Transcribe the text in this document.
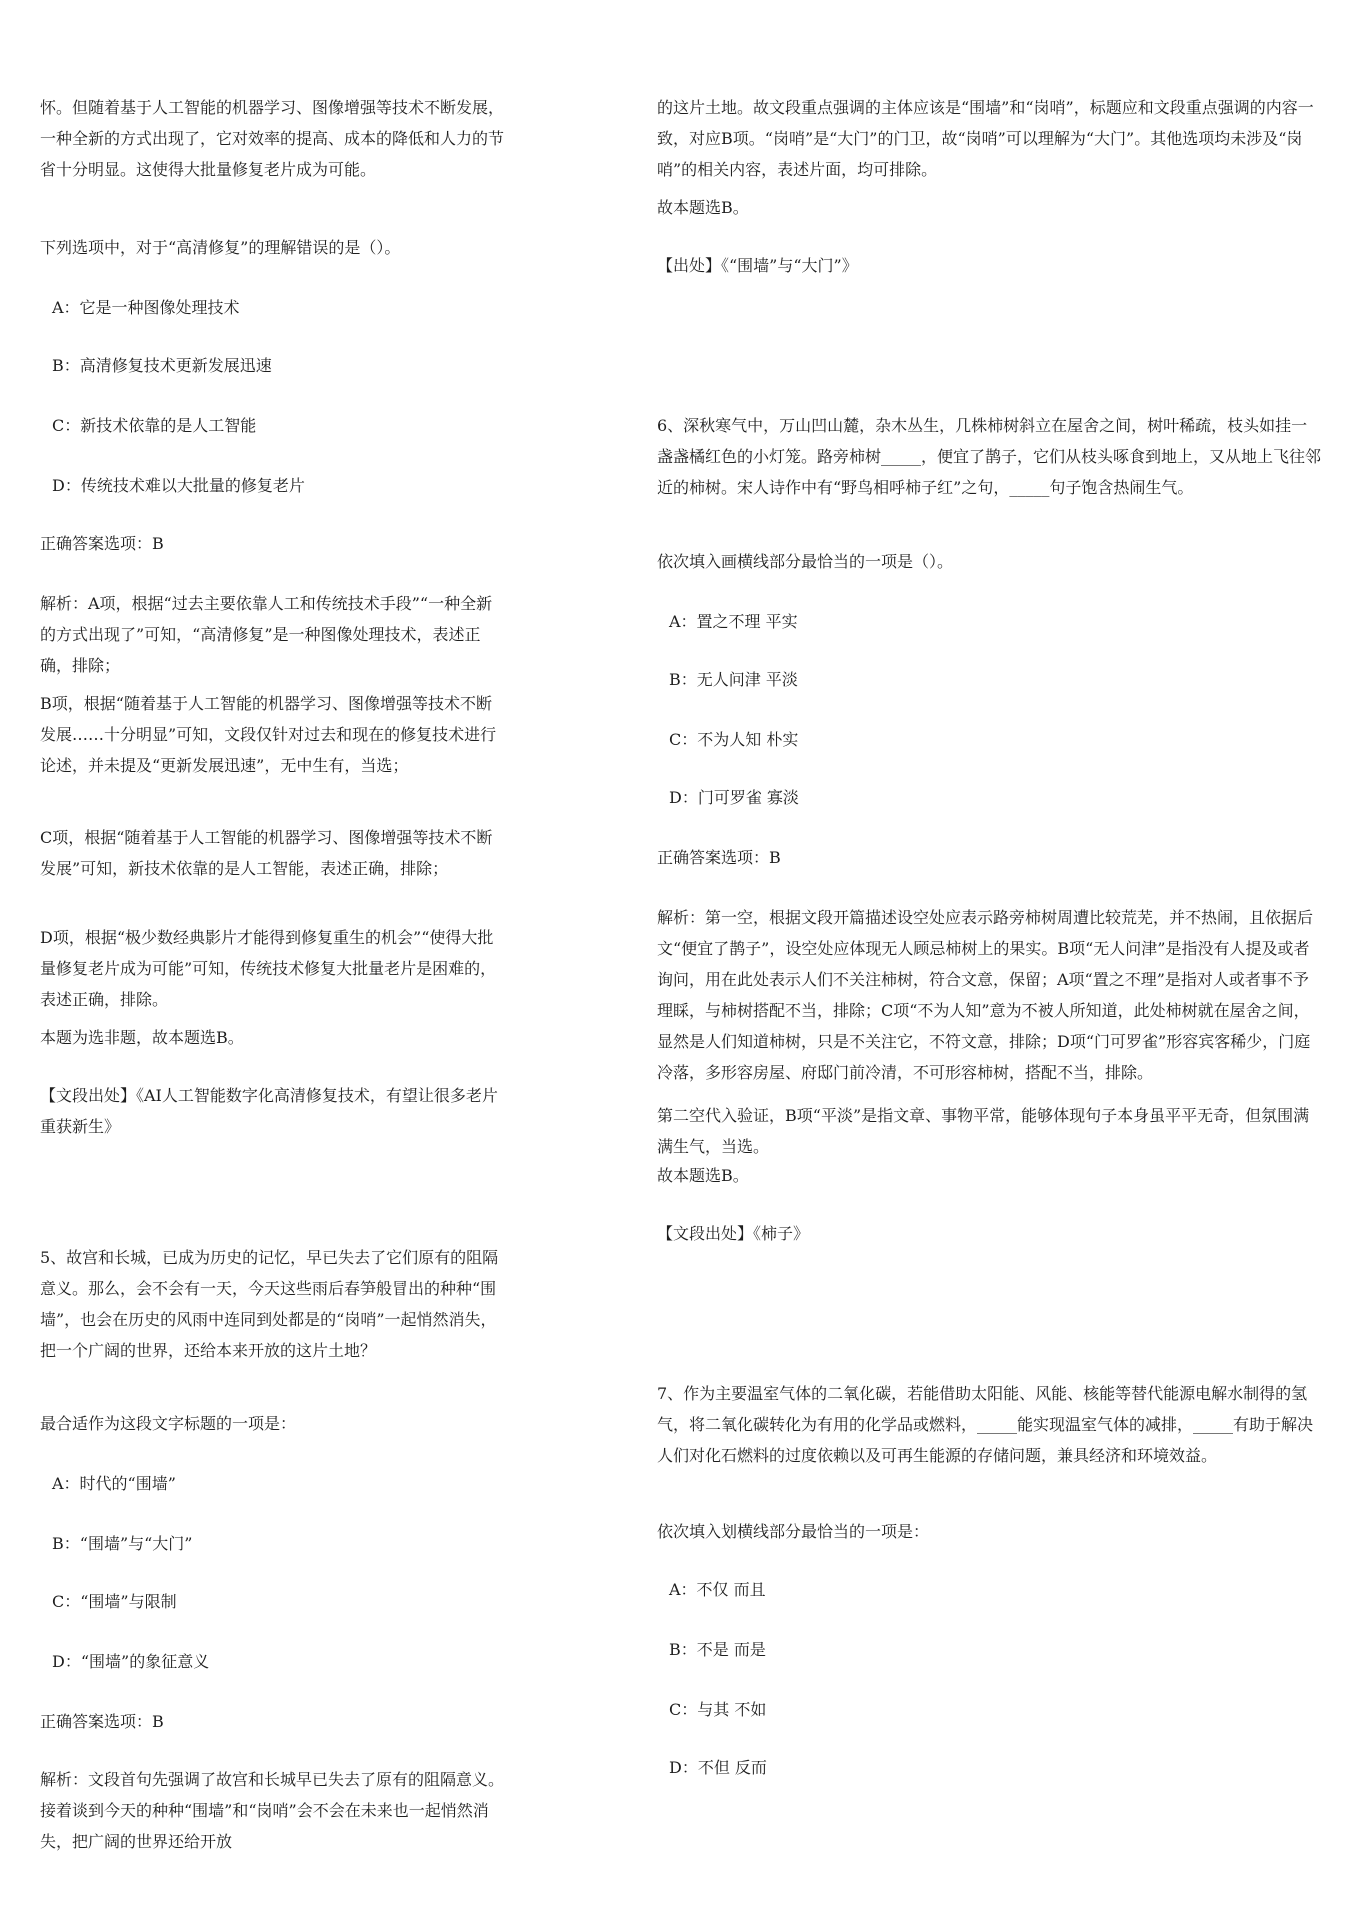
怀。但随着基于人工智能的机器学习、图像增强等技术不断发展，一种全新的方式出现了，它对效率的提高、成本的降低和人力的节省十分明显。这使得大批量修复老片成为可能。

下列选项中，对于“高清修复”的理解错误的是（）。

A：它是一种图像处理技术

B：高清修复技术更新发展迅速

C：新技术依靠的是人工智能

D：传统技术难以大批量的修复老片

正确答案选项：B

解析：A项，根据“过去主要依靠人工和传统技术手段”“一种全新的方式出现了”可知，“高清修复”是一种图像处理技术，表述正确，排除；

B项，根据“随着基于人工智能的机器学习、图像增强等技术不断发展……十分明显”可知，文段仅针对过去和现在的修复技术进行论述，并未提及“更新发展迅速”，无中生有，当选；

C项，根据“随着基于人工智能的机器学习、图像增强等技术不断发展”可知，新技术依靠的是人工智能，表述正确，排除；

D项，根据“极少数经典影片才能得到修复重生的机会”“使得大批量修复老片成为可能”可知，传统技术修复大批量老片是困难的，表述正确，排除。

本题为选非题，故本题选B。

【文段出处】《AI人工智能数字化高清修复技术，有望让很多老片重获新生》

5、故宫和长城，已成为历史的记忆，早已失去了它们原有的阻隔意义。那么，会不会有一天，今天这些雨后春笋般冒出的种种“围墙”，也会在历史的风雨中连同到处都是的“岗哨”一起悄然消失，把一个广阔的世界，还给本来开放的这片土地？

最合适作为这段文字标题的一项是：

A：时代的“围墙”

B：“围墙”与“大门”

C：“围墙”与限制

D：“围墙”的象征意义

正确答案选项：B

解析：文段首句先强调了故宫和长城早已失去了原有的阻隔意义。接着谈到今天的种种“围墙”和“岗哨”会不会在未来也一起悄然消失，把广阔的世界还给开放

的这片土地。故文段重点强调的主体应该是“围墙”和“岗哨”，标题应和文段重点强调的内容一致，对应B项。“岗哨”是“大门”的门卫，故“岗哨”可以理解为“大门”。其他选项均未涉及“岗哨”的相关内容，表述片面，均可排除。

故本题选B。

【出处】《“围墙”与“大门”》

6、深秋寒气中，万山凹山麓，杂木丛生，几株柿树斜立在屋舍之间，树叶稀疏，枝头如挂一盏盏橘红色的小灯笼。路旁柿树_____，便宜了鹊子，它们从枝头啄食到地上，又从地上飞往邻近的柿树。宋人诗作中有“野鸟相呼柿子红”之句，_____句子饱含热闹生气。

依次填入画横线部分最恰当的一项是（）。

A：置之不理 平实

B：无人问津 平淡

C：不为人知 朴实

D：门可罗雀 寡淡

正确答案选项：B

解析：第一空，根据文段开篇描述设空处应表示路旁柿树周遭比较荒芜，并不热闹，且依据后文“便宜了鹊子”，设空处应体现无人顾忌柿树上的果实。B项“无人问津”是指没有人提及或者询问，用在此处表示人们不关注柿树，符合文意，保留；A项“置之不理”是指对人或者事不予理睬，与柿树搭配不当，排除；C项“不为人知”意为不被人所知道，此处柿树就在屋舍之间，显然是人们知道柿树，只是不关注它，不符文意，排除；D项“门可罗雀”形容宾客稀少，门庭冷落，多形容房屋、府邸门前冷清，不可形容柿树，搭配不当，排除。

第二空代入验证，B项“平淡”是指文章、事物平常，能够体现句子本身虽平平无奇，但氛围满满生气，当选。

故本题选B。

【文段出处】《柿子》

7、作为主要温室气体的二氧化碳，若能借助太阳能、风能、核能等替代能源电解水制得的氢气，将二氧化碳转化为有用的化学品或燃料，_____能实现温室气体的减排，_____有助于解决人们对化石燃料的过度依赖以及可再生能源的存储问题，兼具经济和环境效益。

依次填入划横线部分最恰当的一项是：

A：不仅 而且

B：不是 而是

C：与其 不如

D：不但 反而
